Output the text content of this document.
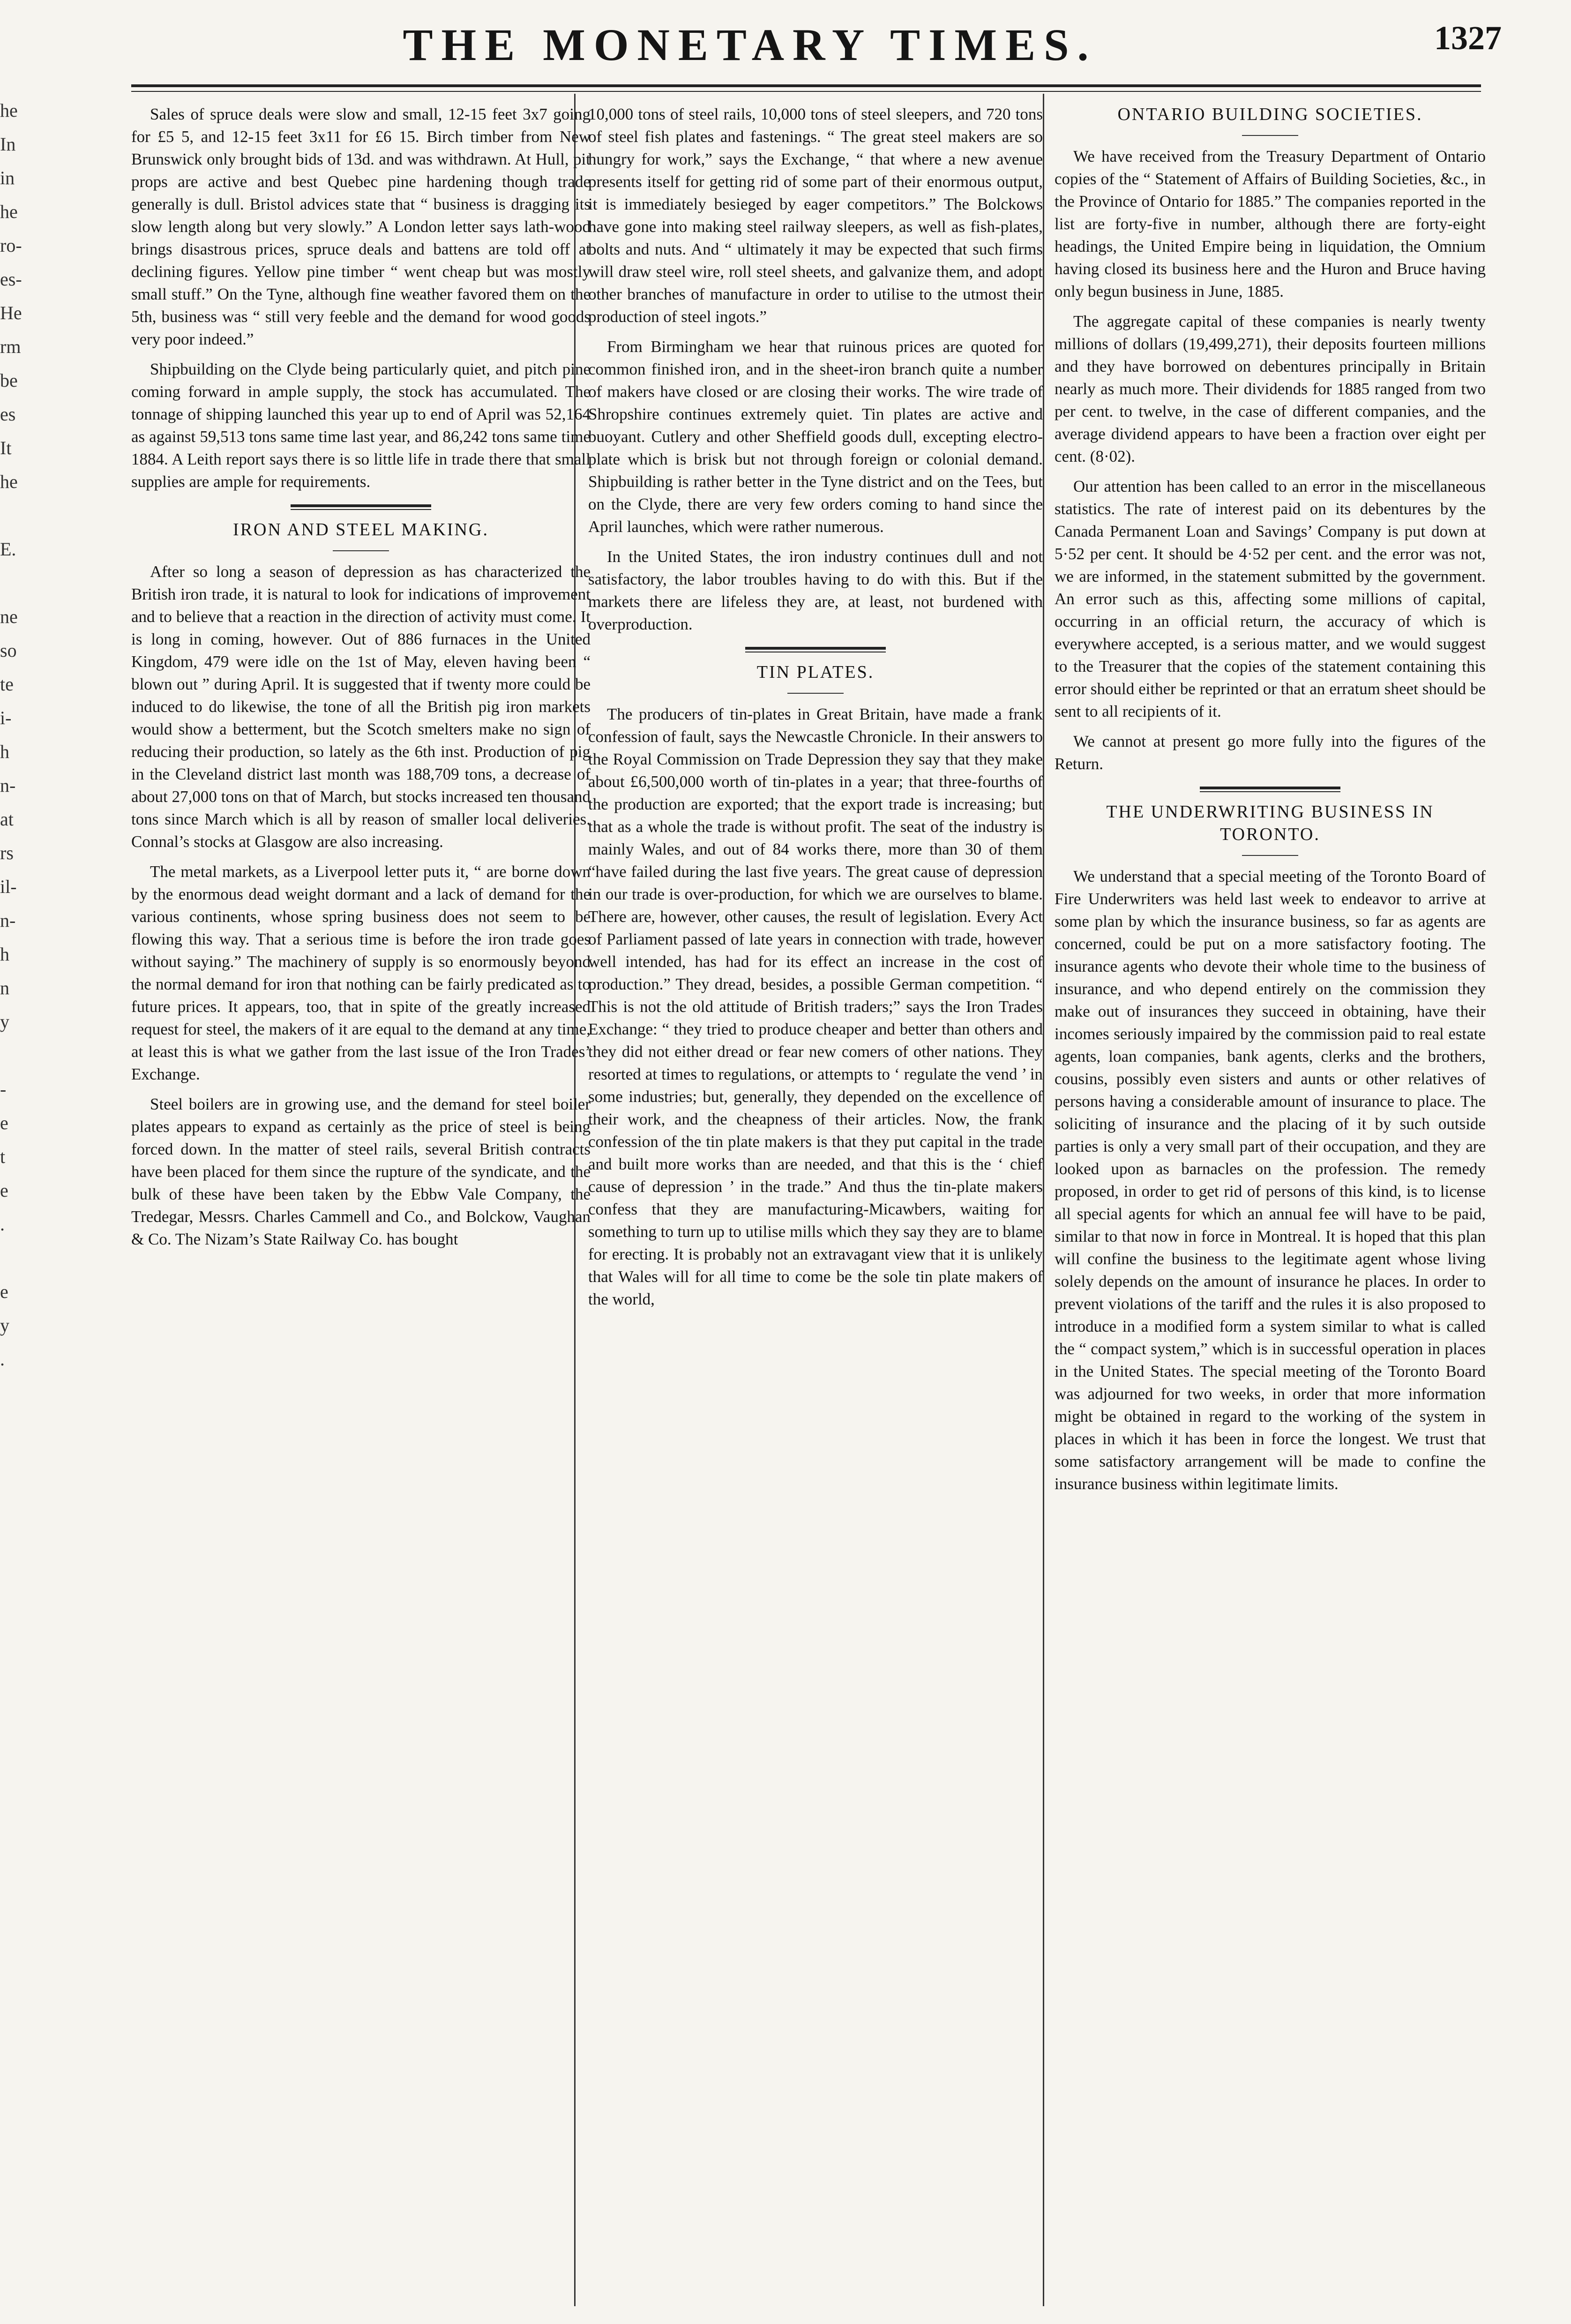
THE MONETARY TIMES.	1327
he
In
in
he
ro-
es-
He
rm
be
es
It
he
E.
ne
so
te
i-
h
n-
at
rs
il-
n-
h
n
y
-
e
t
e
.
e
y
.

Sales of spruce deals were slow and small, 12-15 feet 3x7 going for £5 5, and 12-15 feet 3x11 for £6 15. Birch timber from New Brunswick only brought bids of 13d. and was withdrawn. At Hull, pit props are active and best Quebec pine hardening though trade generally is dull. Bristol advices state that “ business is dragging its slow length along but very slowly.” A London letter says lath-wood brings disastrous prices, spruce deals and battens are told off at declining figures. Yellow pine timber “ went cheap but was mostly small stuff.” On the Tyne, although fine weather favored them on the 5th, business was “ still very feeble and the demand for wood goods very poor indeed.”

Shipbuilding on the Clyde being particularly quiet, and pitch pine coming forward in ample supply, the stock has accumulated. The tonnage of shipping launched this year up to end of April was 52,164 as against 59,513 tons same time last year, and 86,242 tons same time 1884. A Leith report says there is so little life in trade there that small supplies are ample for requirements.

IRON AND STEEL MAKING.

After so long a season of depression as has characterized the British iron trade, it is natural to look for indications of improvement and to believe that a reaction in the direction of activity must come. It is long in coming, however. Out of 886 furnaces in the United Kingdom, 479 were idle on the 1st of May, eleven having been “ blown out ” during April. It is suggested that if twenty more could be induced to do likewise, the tone of all the British pig iron markets would show a betterment, but the Scotch smelters make no sign of reducing their production, so lately as the 6th inst. Production of pig in the Cleveland district last month was 188,709 tons, a decrease of about 27,000 tons on that of March, but stocks increased ten thousand tons since March which is all by reason of smaller local deliveries. Connal’s stocks at Glasgow are also increasing.

The metal markets, as a Liverpool letter puts it, “ are borne down by the enormous dead weight dormant and a lack of demand for the various continents, whose spring business does not seem to be flowing this way. That a serious time is before the iron trade goes without saying.” The machinery of supply is so enormously beyond the normal demand for iron that nothing can be fairly predicated as to future prices. It appears, too, that in spite of the greatly increased request for steel, the makers of it are equal to the demand at any time, at least this is what we gather from the last issue of the Iron Trades’ Exchange.

Steel boilers are in growing use, and the demand for steel boiler plates appears to expand as certainly as the price of steel is being forced down. In the matter of steel rails, several British contracts have been placed for them since the rupture of the syndicate, and the bulk of these have been taken by the Ebbw Vale Company, the Tredegar, Messrs. Charles Cammell and Co., and Bolckow, Vaughan & Co. The Nizam’s State Railway Co. has bought

10,000 tons of steel rails, 10,000 tons of steel sleepers, and 720 tons of steel fish plates and fastenings. “ The great steel makers are so hungry for work,” says the Exchange, “ that where a new avenue presents itself for getting rid of some part of their enormous output, it is immediately besieged by eager competitors.” The Bolckows have gone into making steel railway sleepers, as well as fish-plates, bolts and nuts. And “ ultimately it may be expected that such firms will draw steel wire, roll steel sheets, and galvanize them, and adopt other branches of manufacture in order to utilise to the utmost their production of steel ingots.”

From Birmingham we hear that ruinous prices are quoted for common finished iron, and in the sheet-iron branch quite a number of makers have closed or are closing their works. The wire trade of Shropshire continues extremely quiet. Tin plates are active and buoyant. Cutlery and other Sheffield goods dull, excepting electro-plate which is brisk but not through foreign or colonial demand. Shipbuilding is rather better in the Tyne district and on the Tees, but on the Clyde, there are very few orders coming to hand since the April launches, which were rather numerous.

In the United States, the iron industry continues dull and not satisfactory, the labor troubles having to do with this. But if the markets there are lifeless they are, at least, not burdened with overproduction.

TIN PLATES.

The producers of tin-plates in Great Britain, have made a frank confession of fault, says the Newcastle Chronicle. In their answers to the Royal Commission on Trade Depression they say that they make about £6,500,000 worth of tin-plates in a year; that three-fourths of the production are exported; that the export trade is increasing; but that as a whole the trade is without profit. The seat of the industry is mainly Wales, and out of 84 works there, more than 30 of them “have failed during the last five years. The great cause of depression in our trade is over-production, for which we are ourselves to blame. There are, however, other causes, the result of legislation. Every Act of Parliament passed of late years in connection with trade, however well intended, has had for its effect an increase in the cost of production.” They dread, besides, a possible German competition. “ This is not the old attitude of British traders;” says the Iron Trades Exchange: “ they tried to produce cheaper and better than others and they did not either dread or fear new comers of other nations. They resorted at times to regulations, or attempts to ‘ regulate the vend ’ in some industries; but, generally, they depended on the excellence of their work, and the cheapness of their articles. Now, the frank confession of the tin plate makers is that they put capital in the trade and built more works than are needed, and that this is the ‘ chief cause of depression ’ in the trade.” And thus the tin-plate makers confess that they are manufacturing-Micawbers, waiting for something to turn up to utilise mills which they say they are to blame for erecting. It is probably not an extravagant view that it is unlikely that Wales will for all time to come be the sole tin plate makers of the world,

ONTARIO BUILDING SOCIETIES.

We have received from the Treasury Department of Ontario copies of the “ Statement of Affairs of Building Societies, &c., in the Province of Ontario for 1885.” The companies reported in the list are forty-five in number, although there are forty-eight headings, the United Empire being in liquidation, the Omnium having closed its business here and the Huron and Bruce having only begun business in June, 1885.

The aggregate capital of these companies is nearly twenty millions of dollars (19,499,271), their deposits fourteen millions and they have borrowed on debentures principally in Britain nearly as much more. Their dividends for 1885 ranged from two per cent. to twelve, in the case of different companies, and the average dividend appears to have been a fraction over eight per cent. (8·02).

Our attention has been called to an error in the miscellaneous statistics. The rate of interest paid on its debentures by the Canada Permanent Loan and Savings’ Company is put down at 5·52 per cent. It should be 4·52 per cent. and the error was not, we are informed, in the statement submitted by the government. An error such as this, affecting some millions of capital, occurring in an official return, the accuracy of which is everywhere accepted, is a serious matter, and we would suggest to the Treasurer that the copies of the statement containing this error should either be reprinted or that an erratum sheet should be sent to all recipients of it.

We cannot at present go more fully into the figures of the Return.

THE UNDERWRITING BUSINESS IN TORONTO.

We understand that a special meeting of the Toronto Board of Fire Underwriters was held last week to endeavor to arrive at some plan by which the insurance business, so far as agents are concerned, could be put on a more satisfactory footing. The insurance agents who devote their whole time to the business of insurance, and who depend entirely on the commission they make out of insurances they succeed in obtaining, have their incomes seriously impaired by the commission paid to real estate agents, loan companies, bank agents, clerks and the brothers, cousins, possibly even sisters and aunts or other relatives of persons having a considerable amount of insurance to place. The soliciting of insurance and the placing of it by such outside parties is only a very small part of their occupation, and they are looked upon as barnacles on the profession. The remedy proposed, in order to get rid of persons of this kind, is to license all special agents for which an annual fee will have to be paid, similar to that now in force in Montreal. It is hoped that this plan will confine the business to the legitimate agent whose living solely depends on the amount of insurance he places. In order to prevent violations of the tariff and the rules it is also proposed to introduce in a modified form a system similar to what is called the “ compact system,” which is in successful operation in places in the United States. The special meeting of the Toronto Board was adjourned for two weeks, in order that more information might be obtained in regard to the working of the system in places in which it has been in force the longest. We trust that some satisfactory arrangement will be made to confine the insurance business within legitimate limits.
